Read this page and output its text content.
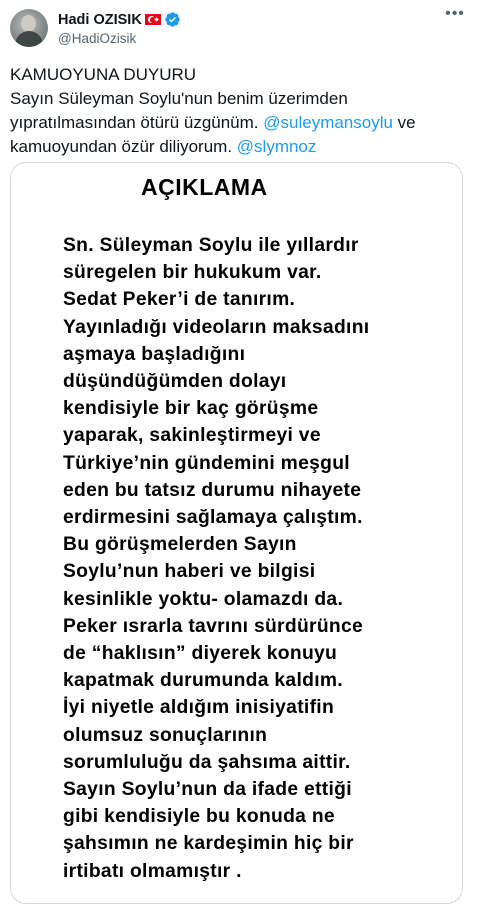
Hadi OZISIK
@HadiOzisik
•••
KAMUOYUNA DUYURU
Sayın Süleyman Soylu'nun benim üzerimden
yıpratılmasından ötürü üzgünüm. @suleymansoylu ve
kamuoyundan özür diliyorum. @slymnoz
AÇIKLAMA
Sn. Süleyman Soylu ile yıllardır
süregelen bir hukukum var.
Sedat Peker’i de tanırım.
Yayınladığı videoların maksadını
aşmaya başladığını
düşündüğümden dolayı
kendisiyle bir kaç görüşme
yaparak, sakinleştirmeyi ve
Türkiye’nin gündemini meşgul
eden bu tatsız durumu nihayete
erdirmesini sağlamaya çalıştım.
Bu görüşmelerden Sayın
Soylu’nun haberi ve bilgisi
kesinlikle yoktu- olamazdı da.
Peker ısrarla tavrını sürdürünce
de “haklısın” diyerek konuyu
kapatmak durumunda kaldım.
İyi niyetle aldığım inisiyatifin
olumsuz sonuçlarının
sorumluluğu da şahsıma aittir.
Sayın Soylu’nun da ifade ettiği
gibi kendisiyle bu konuda ne
şahsımın ne kardeşimin hiç bir
irtibatı olmamıştır .
